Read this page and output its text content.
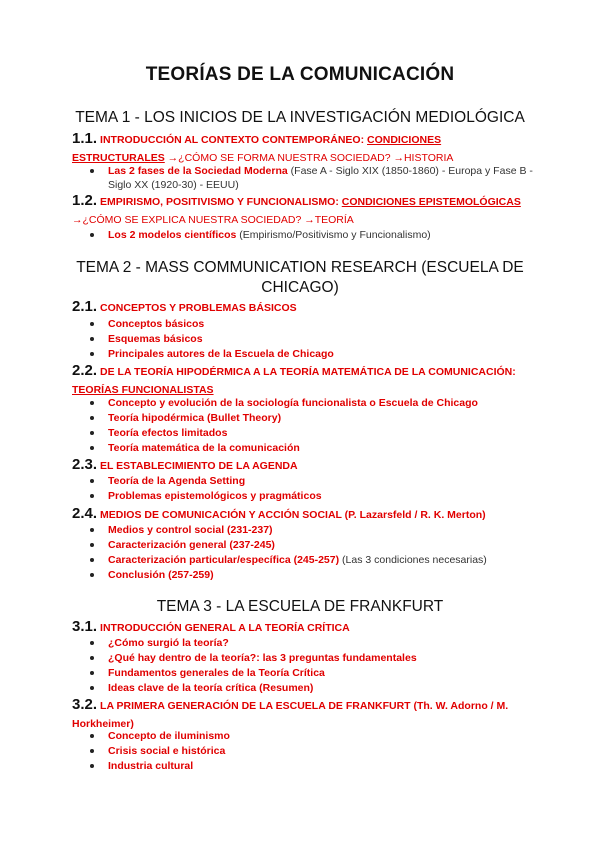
TEORÍAS DE LA COMUNICACIÓN
TEMA 1 - LOS INICIOS DE LA INVESTIGACIÓN MEDIOLÓGICA
1.1. INTRODUCCIÓN AL CONTEXTO CONTEMPORÁNEO: CONDICIONES ESTRUCTURALES →¿CÓMO SE FORMA NUESTRA SOCIEDAD? →HISTORIA
Las 2 fases de la Sociedad Moderna (Fase A - Siglo XIX (1850-1860) - Europa y Fase B - Siglo XX (1920-30) - EEUU)
1.2. EMPIRISMO, POSITIVISMO Y FUNCIONALISMO: CONDICIONES EPISTEMOLÓGICAS →¿CÓMO SE EXPLICA NUESTRA SOCIEDAD? →TEORÍA
Los 2 modelos científicos (Empirismo/Positivismo y Funcionalismo)
TEMA 2 - MASS COMMUNICATION RESEARCH (ESCUELA DE CHICAGO)
2.1. CONCEPTOS Y PROBLEMAS BÁSICOS
Conceptos básicos
Esquemas básicos
Principales autores de la Escuela de Chicago
2.2. DE LA TEORÍA HIPODÉRMICA A LA TEORÍA MATEMÁTICA DE LA COMUNICACIÓN: TEORÍAS FUNCIONALISTAS
Concepto y evolución de la sociología funcionalista o Escuela de Chicago
Teoría hipodérmica (Bullet Theory)
Teoría efectos limitados
Teoría matemática de la comunicación
2.3. EL ESTABLECIMIENTO DE LA AGENDA
Teoría de la Agenda Setting
Problemas epistemológicos y pragmáticos
2.4. MEDIOS DE COMUNICACIÓN Y ACCIÓN SOCIAL (P. Lazarsfeld / R. K. Merton)
Medios y control social (231-237)
Caracterización general (237-245)
Caracterización particular/específica (245-257) (Las 3 condiciones necesarias)
Conclusión (257-259)
TEMA 3 - LA ESCUELA DE FRANKFURT
3.1. INTRODUCCIÓN GENERAL A LA TEORÍA CRÍTICA
¿Cómo surgió la teoría?
¿Qué hay dentro de la teoría?: las 3 preguntas fundamentales
Fundamentos generales de la Teoría Crítica
Ideas clave de la teoría crítica (Resumen)
3.2. LA PRIMERA GENERACIÓN DE LA ESCUELA DE FRANKFURT (Th. W. Adorno / M. Horkheimer)
Concepto de iluminismo
Crisis social e histórica
Industria cultural
